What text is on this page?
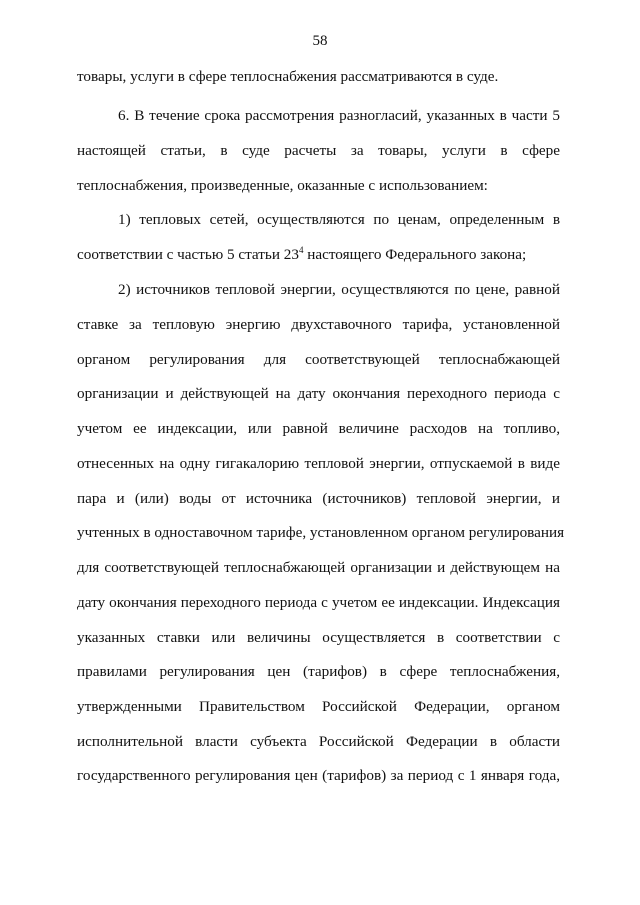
58
товары, услуги в сфере теплоснабжения рассматриваются в суде.
6. В течение срока рассмотрения разногласий, указанных в части 5
настоящей статьи, в суде расчеты за товары, услуги в сфере
теплоснабжения, произведенные, оказанные с использованием:
1) тепловых сетей, осуществляются по ценам, определенным в
соответствии с частью 5 статьи $23^4$ настоящего Федерального закона;
2) источников тепловой энергии, осуществляются по цене, равной
ставке за тепловую энергию двухставочного тарифа, установленной
органом регулирования для соответствующей теплоснабжающей
организации и действующей на дату окончания переходного периода с
учетом ее индексации, или равной величине расходов на топливо,
отнесенных на одну гигакалорию тепловой энергии, отпускаемой в виде
пара и (или) воды от источника (источников) тепловой энергии, и
учтенных в одноставочном тарифе, установленном органом регулирования
для соответствующей теплоснабжающей организации и действующем на
дату окончания переходного периода с учетом ее индексации. Индексация
указанных ставки или величины осуществляется в соответствии с
правилами регулирования цен (тарифов) в сфере теплоснабжения,
утвержденными Правительством Российской Федерации, органом
исполнительной власти субъекта Российской Федерации в области
государственного регулирования цен (тарифов) за период с 1 января года,
